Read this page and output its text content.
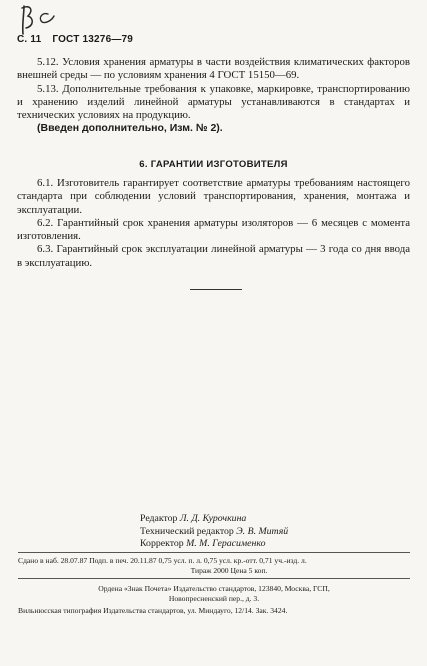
С. 11 ГОСТ 13276—79

5.12. Условия хранения арматуры в части воздействия климатических факторов внешней среды — по условиям хранения 4 ГОСТ 15150—69.

5.13. Дополнительные требования к упаковке, маркировке, транспортированию и хранению изделий линейной арматуры устанавливаются в стандартах и технических условиях на продукцию.

(Введен дополнительно, Изм. № 2).

6. ГАРАНТИИ ИЗГОТОВИТЕЛЯ

6.1. Изготовитель гарантирует соответствие арматуры требованиям настоящего стандарта при соблюдении условий транспортирования, хранения, монтажа и эксплуатации.

6.2. Гарантийный срок хранения арматуры изоляторов — 6 месяцев с момента изготовления.

6.3. Гарантийный срок эксплуатации линейной арматуры — 3 года со дня ввода в эксплуатацию.

Редактор Л. Д. Курочкина
Технический редактор Э. В. Митяй
Корректор М. М. Герасименко
Сдано в наб. 28.07.87 Подп. в печ. 20.11.87 0,75 усл. п. л. 0,75 усл. кр.-отт. 0,71 уч.-изд. л.
Тираж 2000 Цена 5 коп.
Ордена «Знак Почета» Издательство стандартов, 123840, Москва, ГСП,
Новопресненский пер., д. 3.
Вильнюсская типография Издательства стандартов, ул. Миндауго, 12/14. Зак. 3424.
